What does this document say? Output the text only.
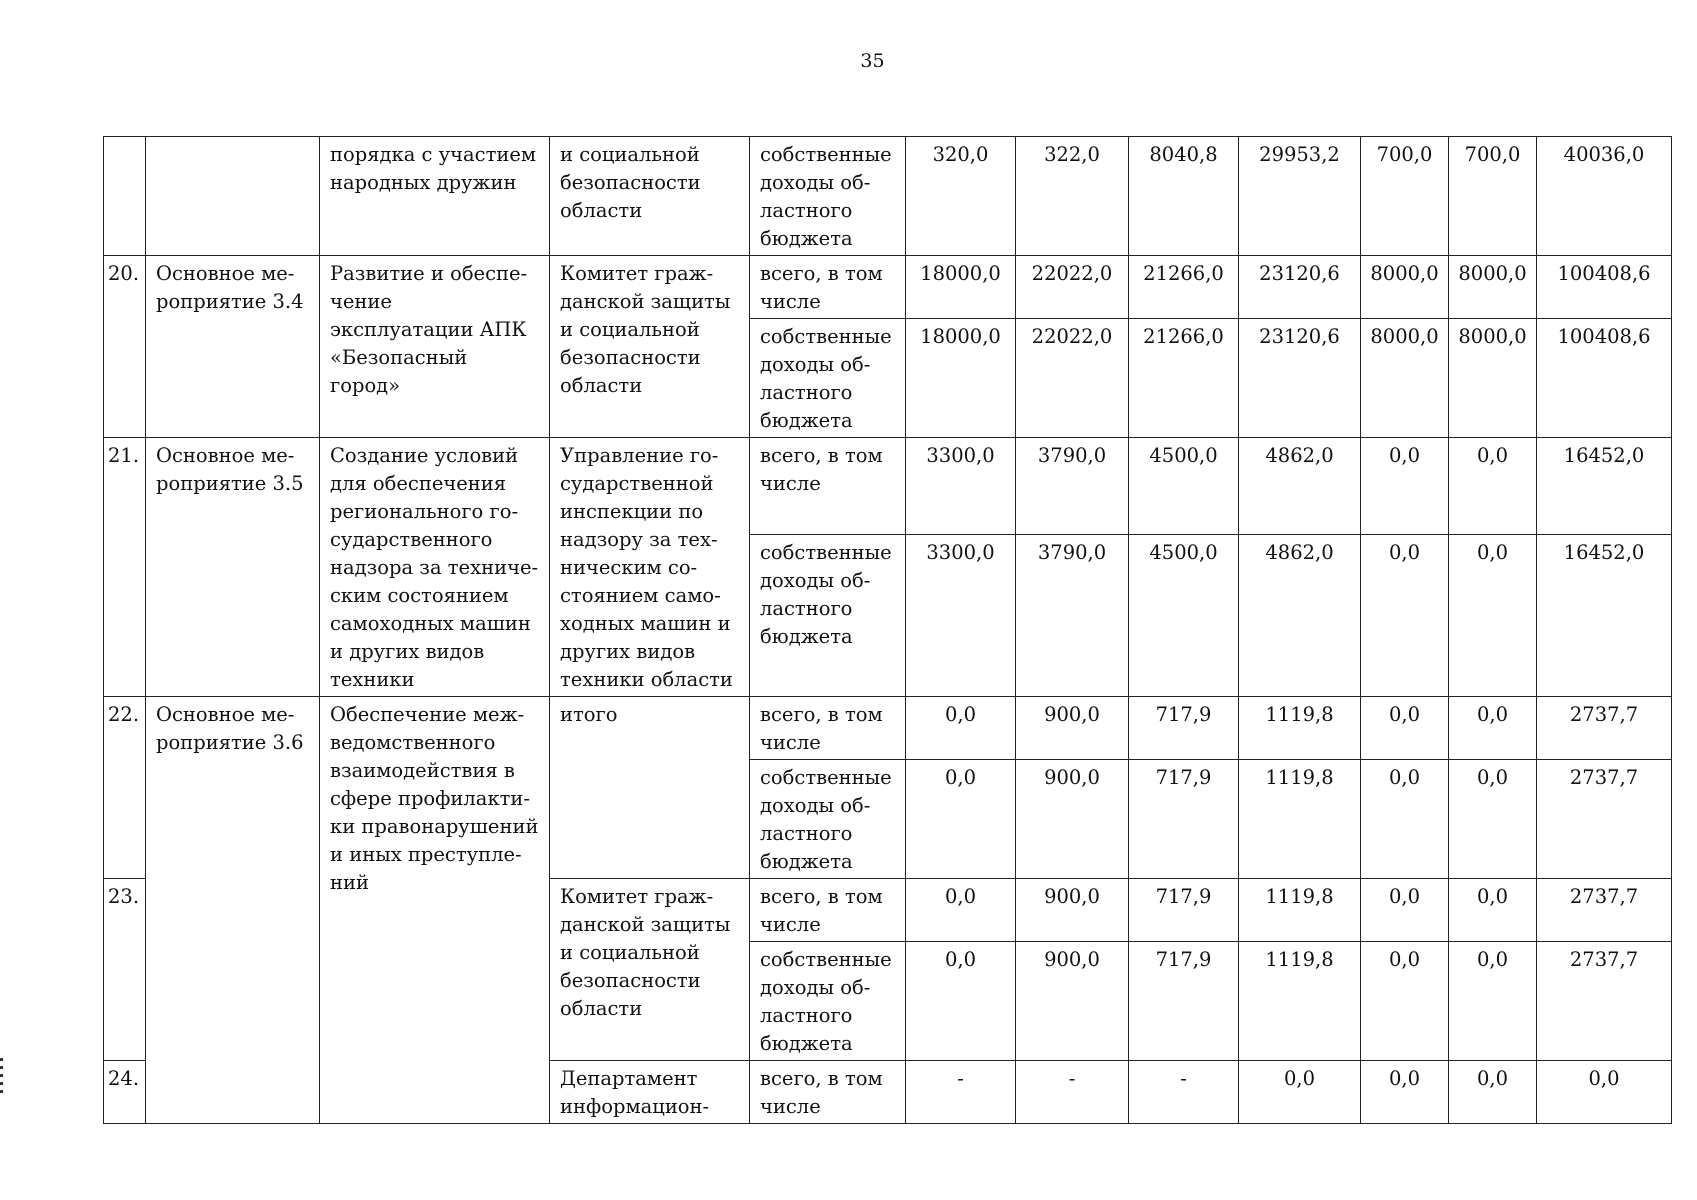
35
		порядка с участием народных дружин	и социальной безопасности области	собственные доходы об-ластного бюджета	320,0	322,0	8040,8	29953,2	700,0	700,0	40036,0
20.	Основное ме-роприятие 3.4	Развитие и обеспе-чение эксплуатации АПК «Безопасный город»	Комитет граж-данской защиты и социальной безопасности области	всего, в том числе	18000,0	22022,0	21266,0	23120,6	8000,0	8000,0	100408,6
				собственные доходы об-ластного бюджета	18000,0	22022,0	21266,0	23120,6	8000,0	8000,0	100408,6
21.	Основное ме-роприятие 3.5	Создание условий для обеспечения регионального го-сударственного надзора за техниче-ским состоянием самоходных машин и других видов техники	Управление го-сударственной инспекции по надзору за тех-ническим со-стоянием само-ходных машин и других видов техники области	всего, в том числе	3300,0	3790,0	4500,0	4862,0	0,0	0,0	16452,0
				собственные доходы об-ластного бюджета	3300,0	3790,0	4500,0	4862,0	0,0	0,0	16452,0
22.	Основное ме-роприятие 3.6	Обеспечение меж-ведомственного взаимодействия в сфере профилакти-ки правонарушений и иных преступле-ний	итого	всего, в том числе	0,0	900,0	717,9	1119,8	0,0	0,0	2737,7
				собственные доходы об-ластного бюджета	0,0	900,0	717,9	1119,8	0,0	0,0	2737,7
23.			Комитет граж-данской защиты и социальной безопасности области	всего, в том числе	0,0	900,0	717,9	1119,8	0,0	0,0	2737,7
				собственные доходы об-ластного бюджета	0,0	900,0	717,9	1119,8	0,0	0,0	2737,7
24.			Департамент информацион-	всего, в том числе	-	-	-	0,0	0,0	0,0	0,0
